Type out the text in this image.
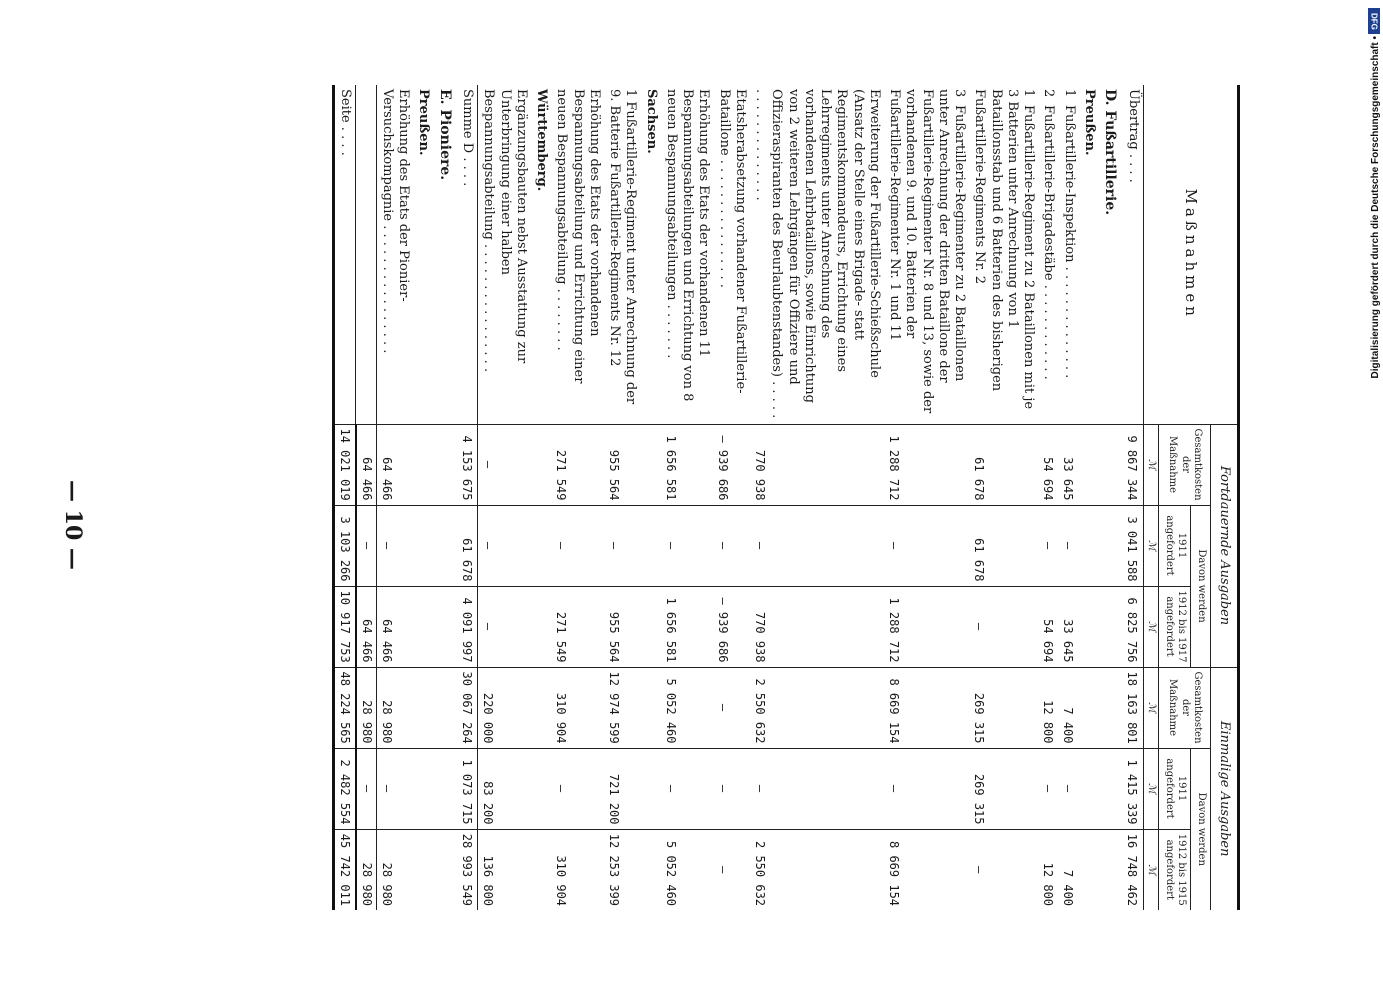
— 10 —
DFG
Digitalisierung gefördert durch die Deutsche Forschungsgemeinschaft •
Maßnahmen	Fortdauernde Ausgaben			Einmalige Ausgaben		
	Gesamtkosten der Maßnahme	Davon werden		Gesamtkosten der Maßnahme	Davon werden	
		1911 angefordert	1912 bis 1917 angefordert		1911 angefordert	1912 bis 1915 angefordert
	ℳ	ℳ	ℳ	ℳ	ℳ	ℳ
Übertrag . . . .	9 867 344	3 041 588	6 825 756	18 163 801	1 415 339	16 748 462
D. Fußartillerie.						
Preußen.						
1Fußartillerie-Inspektion . . . . . . . . . . . . . .	33 645	—	33 645	7 400	—	7 400
2Fußartillerie-Brigadestäbe . . . . . . . . . . . .	54 694	—	54 694	12 800	—	12 800
1Fußartillerie-Regiment zu 2 Bataillonen mit je 3 Batterien unter Anrechnung von 1 Bataillonsstab und 6 Batterien des bisherigen Fußartillerie-Regiments Nr. 2	61 678	61 678	—	269 315	269 315	—
3Fußartillerie-Regimenter zu 2 Bataillonen unter Anrechnung der dritten Bataillone der Fußartillerie-Regimenter Nr. 8 und 13, sowie der vorhandenen 9. und 10. Batterien der Fußartillerie-Regimenter Nr. 1 und 11	1 288 712	—	1 288 712	8 669 154	—	8 669 154
Erweiterung der Fußartillerie-Schießschule (Ansatz der Stelle eines Brigade- statt Regimentskommandeurs, Errichtung eines Lehrregiments unter Anrechnung des vorhandenen Lehrbataillons, sowie Einrichtung von 2 weiteren Lehrgängen für Offiziere und Offizieraspiranten des Beurlaubtenstandes) . . . . . . . . . . . . . . . . . . .	770 938	—	770 938	2 550 632	—	2 550 632
Etatsherabsetzung vorhandener Fußartillerie-Bataillone . . . . . . . . . . . . . . . .	– 939 686	—	– 939 686	—	—	—
Erhöhung des Etats der vorhandenen 11 Bespannungsabteilungen und Errichtung von 8 neuen Bespannungsabteilungen . . . . . . .	1 656 581	—	1 656 581	5 052 460	—	5 052 460
Sachsen.						
1 Fußartillerie-Regiment unter Anrechnung der 9. Batterie Fußartillerie-Regiments Nr. 12	955 564	—	955 564	12 974 599	721 200	12 253 399
Erhöhung des Etats der vorhandenen Bespannungsabteilung und Errichtung einer neuen Bespannungsabteilung . . . . . . . .	271 549	—	271 549	310 904	—	310 904
Württemberg.						
Ergänzungsbauten nebst Ausstattung zur Unterbringung einer halben Bespannungsabteilung . . . . . . . . . . . . . . . .	—	—	—	220 000	83 200	136 800
Summe D . . . .	4 153 675	61 678	4 091 997	30 067 264	1 073 715	28 993 549
E. Pioniere.						
Preußen.						
Erhöhung des Etats der Pionier-Versuchskompagnie . . . . . . . . . . . . . . . .	64 466	—	64 466	28 980	—	28 980
	64 466	—	64 466	28 980	—	28 980
Seite . . . .	14 021 019	3 103 266	10 917 753	48 224 565	2 482 554	45 742 011
